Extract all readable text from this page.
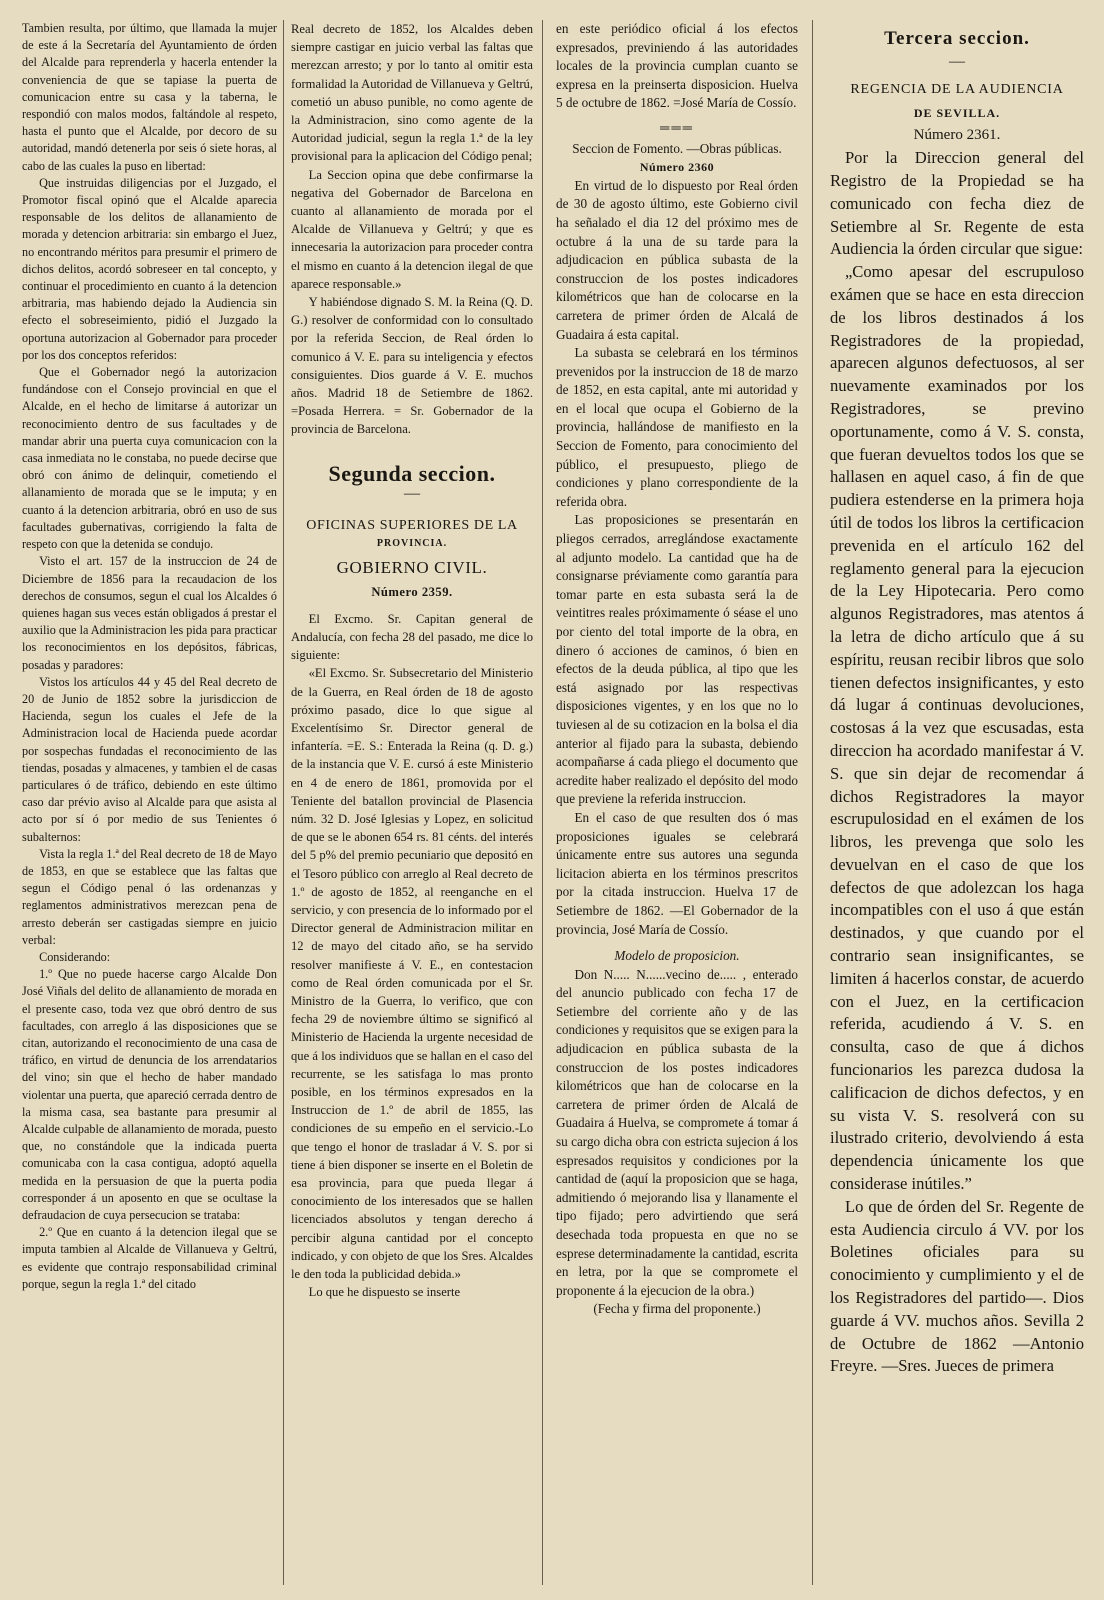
Tambien resulta, por último, que llamada la mujer de este á la Secretaría del Ayuntamiento de órden del Alcalde para reprenderla y hacerla entender la conveniencia de que se tapiase la puerta de comunicacion entre su casa y la taberna, le respondió con malos modos, faltándole al respeto, hasta el punto que el Alcalde, por decoro de su autoridad, mandó detenerla por seis ó siete horas, al cabo de las cuales la puso en libertad:

Que instruidas diligencias por el Juzgado, el Promotor fiscal opinó que el Alcalde aparecia responsable de los delitos de allanamiento de morada y detencion arbitraria: sin embargo el Juez, no encontrando méritos para presumir el primero de dichos delitos, acordó sobreseer en tal concepto, y continuar el procedimiento en cuanto á la detencion arbitraria, mas habiendo dejado la Audiencia sin efecto el sobreseimiento, pidió el Juzgado la oportuna autorizacion al Gobernador para proceder por los dos conceptos referidos:

Que el Gobernador negó la autorizacion fundándose con el Consejo provincial en que el Alcalde, en el hecho de limitarse á autorizar un reconocimiento dentro de sus facultades y de mandar abrir una puerta cuya comunicacion con la casa inmediata no le constaba, no puede decirse que obró con ánimo de delinquir, cometiendo el allanamiento de morada que se le imputa; y en cuanto á la detencion arbitraria, obró en uso de sus facultades gubernativas, corrigiendo la falta de respeto con que la detenida se condujo.

Visto el art. 157 de la instruccion de 24 de Diciembre de 1856 para la recaudacion de los derechos de consumos, segun el cual los Alcaldes ó quienes hagan sus veces están obligados á prestar el auxilio que la Administracion les pida para practicar los reconocimientos en los depósitos, fábricas, posadas y paradores:

Vistos los artículos 44 y 45 del Real decreto de 20 de Junio de 1852 sobre la jurisdiccion de Hacienda, segun los cuales el Jefe de la Administracion local de Hacienda puede acordar por sospechas fundadas el reconocimiento de las tiendas, posadas y almacenes, y tambien el de casas particulares ó de tráfico, debiendo en este último caso dar prévio aviso al Alcalde para que asista al acto por sí ó por medio de sus Tenientes ó subalternos:

Vista la regla 1.ª del Real decreto de 18 de Mayo de 1853, en que se establece que las faltas que segun el Código penal ó las ordenanzas y reglamentos administrativos merezcan pena de arresto deberán ser castigadas siempre en juicio verbal:

Considerando:

1.º Que no puede hacerse cargo Alcalde Don José Viñals del delito de allanamiento de morada en el presente caso, toda vez que obró dentro de sus facultades, con arreglo á las disposiciones que se citan, autorizando el reconocimiento de una casa de tráfico, en virtud de denuncia de los arrendatarios del vino; sin que el hecho de haber mandado violentar una puerta, que apareció cerrada dentro de la misma casa, sea bastante para presumir al Alcalde culpable de allanamiento de morada, puesto que, no constándole que la indicada puerta comunicaba con la casa contigua, adoptó aquella medida en la persuasion de que la puerta podia corresponder á un aposento en que se ocultase la defraudacion de cuya persecucion se trataba:

2.º Que en cuanto á la detencion ilegal que se imputa tambien al Alcalde de Villanueva y Geltrú, es evidente que contrajo responsabilidad criminal porque, segun la regla 1.ª del citado

Real decreto de 1852, los Alcaldes deben siempre castigar en juicio verbal las faltas que merezcan arresto; y por lo tanto al omitir esta formalidad la Autoridad de Villanueva y Geltrú, cometió un abuso punible, no como agente de la Administracion, sino como agente de la Autoridad judicial, segun la regla 1.ª de la ley provisional para la aplicacion del Código penal;

La Seccion opina que debe confirmarse la negativa del Gobernador de Barcelona en cuanto al allanamiento de morada por el Alcalde de Villanueva y Geltrú; y que es innecesaria la autorizacion para proceder contra el mismo en cuanto á la detencion ilegal de que aparece responsable.»

Y habiéndose dignado S. M. la Reina (Q. D. G.) resolver de conformidad con lo consultado por la referida Seccion, de Real órden lo comunico á V. E. para su inteligencia y efectos consiguientes. Dios guarde á V. E. muchos años. Madrid 18 de Setiembre de 1862. =Posada Herrera. = Sr. Gobernador de la provincia de Barcelona.

Segunda seccion.
—
OFICINAS SUPERIORES DE LA
PROVINCIA.
GOBIERNO CIVIL.
Número 2359.

El Excmo. Sr. Capitan general de Andalucía, con fecha 28 del pasado, me dice lo siguiente:

«El Excmo. Sr. Subsecretario del Ministerio de la Guerra, en Real órden de 18 de agosto próximo pasado, dice lo que sigue al Excelentísimo Sr. Director general de infantería. =E. S.: Enterada la Reina (q. D. g.) de la instancia que V. E. cursó á este Ministerio en 4 de enero de 1861, promovida por el Teniente del batallon provincial de Plasencia núm. 32 D. José Iglesias y Lopez, en solicitud de que se le abonen 654 rs. 81 cénts. del interés del 5 p% del premio pecuniario que depositó en el Tesoro público con arreglo al Real decreto de 1.º de agosto de 1852, al reenganche en el servicio, y con presencia de lo informado por el Director general de Administracion militar en 12 de mayo del citado año, se ha servido resolver manifieste á V. E., en contestacion como de Real órden comunicada por el Sr. Ministro de la Guerra, lo verifico, que con fecha 29 de noviembre último se significó al Ministerio de Hacienda la urgente necesidad de que á los individuos que se hallan en el caso del recurrente, se les satisfaga lo mas pronto posible, en los términos expresados en la Instruccion de 1.º de abril de 1855, las condiciones de su empeño en el servicio.-Lo que tengo el honor de trasladar á V. S. por si tiene á bien disponer se inserte en el Boletin de esa provincia, para que pueda llegar á conocimiento de los interesados que se hallen licenciados absolutos y tengan derecho á percibir alguna cantidad por el concepto indicado, y con objeto de que los Sres. Alcaldes le den toda la publicidad debida.»

Lo que he dispuesto se inserte

en este periódico oficial á los efectos expresados, previniendo á las autoridades locales de la provincia cumplan cuanto se expresa en la preinserta disposicion. Huelva 5 de octubre de 1862. =José María de Cossío.

═══
Seccion de Fomento. —Obras públicas.
Número 2360

En virtud de lo dispuesto por Real órden de 30 de agosto último, este Gobierno civil ha señalado el dia 12 del próximo mes de octubre á la una de su tarde para la adjudicacion en pública subasta de la construccion de los postes indicadores kilométricos que han de colocarse en la carretera de primer órden de Alcalá de Guadaira á esta capital.

La subasta se celebrará en los términos prevenidos por la instruccion de 18 de marzo de 1852, en esta capital, ante mi autoridad y en el local que ocupa el Gobierno de la provincia, hallándose de manifiesto en la Seccion de Fomento, para conocimiento del público, el presupuesto, pliego de condiciones y plano correspondiente de la referida obra.

Las proposiciones se presentarán en pliegos cerrados, arreglándose exactamente al adjunto modelo. La cantidad que ha de consignarse préviamente como garantía para tomar parte en esta subasta será la de veintitres reales próximamente ó séase el uno por ciento del total importe de la obra, en dinero ó acciones de caminos, ó bien en efectos de la deuda pública, al tipo que les está asignado por las respectivas disposiciones vigentes, y en los que no lo tuviesen al de su cotizacion en la bolsa el dia anterior al fijado para la subasta, debiendo acompañarse á cada pliego el documento que acredite haber realizado el depósito del modo que previene la referida instruccion.

En el caso de que resulten dos ó mas proposiciones iguales se celebrará únicamente entre sus autores una segunda licitacion abierta en los términos prescritos por la citada instruccion. Huelva 17 de Setiembre de 1862. —El Gobernador de la provincia, José María de Cossío.

Modelo de proposicion.

Don N..... N......vecino de..... , enterado del anuncio publicado con fecha 17 de Setiembre del corriente año y de las condiciones y requisitos que se exigen para la adjudicacion en pública subasta de la construccion de los postes indicadores kilométricos que han de colocarse en la carretera de primer órden de Alcalá de Guadaira á Huelva, se compromete á tomar á su cargo dicha obra con estricta sujecion á los espresados requisitos y condiciones por la cantidad de (aquí la proposicion que se haga, admitiendo ó mejorando lisa y llanamente el tipo fijado; pero advirtiendo que será desechada toda propuesta en que no se esprese determinadamente la cantidad, escrita en letra, por la que se compromete el proponente á la ejecucion de la obra.)

(Fecha y firma del proponente.)
Tercera seccion.
—
REGENCIA DE LA AUDIENCIA
DE SEVILLA.
Número 2361.

Por la Direccion general del Registro de la Propiedad se ha comunicado con fecha diez de Setiembre al Sr. Regente de esta Audiencia la órden circular que sigue:

„Como apesar del escrupuloso exámen que se hace en esta direccion de los libros destinados á los Registradores de la propiedad, aparecen algunos defectuosos, al ser nuevamente examinados por los Registradores, se previno oportunamente, como á V. S. consta, que fueran devueltos todos los que se hallasen en aquel caso, á fin de que pudiera estenderse en la primera hoja útil de todos los libros la certificacion prevenida en el artículo 162 del reglamento general para la ejecucion de la Ley Hipotecaria. Pero como algunos Registradores, mas atentos á la letra de dicho artículo que á su espíritu, reusan recibir libros que solo tienen defectos insignificantes, y esto dá lugar á continuas devoluciones, costosas á la vez que escusadas, esta direccion ha acordado manifestar á V. S. que sin dejar de recomendar á dichos Registradores la mayor escrupulosidad en el exámen de los libros, les prevenga que solo les devuelvan en el caso de que los defectos de que adolezcan los haga incompatibles con el uso á que están destinados, y que cuando por el contrario sean insignificantes, se limiten á hacerlos constar, de acuerdo con el Juez, en la certificacion referida, acudiendo á V. S. en consulta, caso de que á dichos funcionarios les parezca dudosa la calificacion de dichos defectos, y en su vista V. S. resolverá con su ilustrado criterio, devolviendo á esta dependencia únicamente los que considerase inútiles.”

Lo que de órden del Sr. Regente de esta Audiencia circulo á VV. por los Boletines oficiales para su conocimiento y cumplimiento y el de los Registradores del partido—. Dios guarde á VV. muchos años. Sevilla 2 de Octubre de 1862 —Antonio Freyre. —Sres. Jueces de primera
